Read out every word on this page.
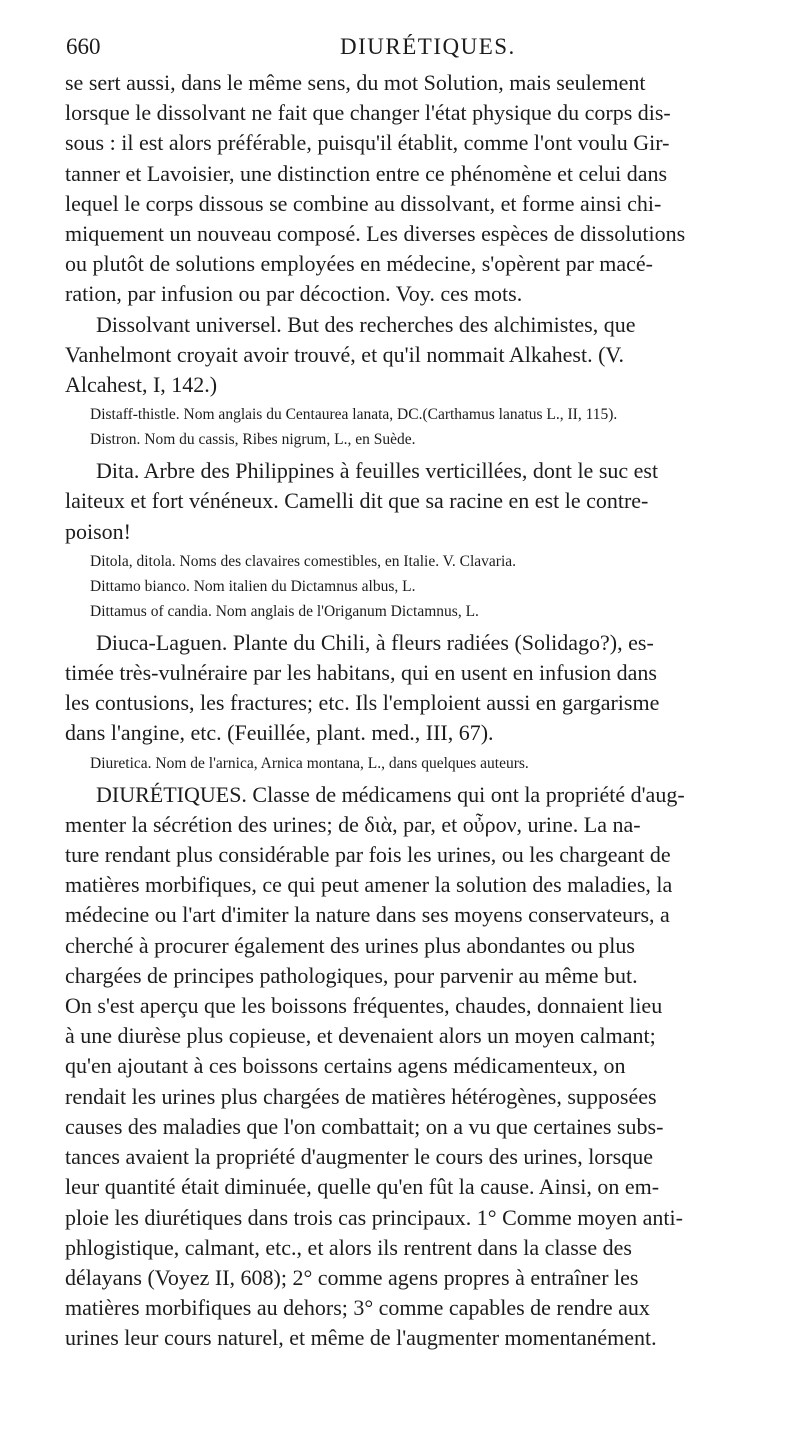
660	DIURÉTIQUES.
se sert aussi, dans le même sens, du mot Solution, mais seulement
lorsque le dissolvant ne fait que changer l'état physique du corps dis-
sous : il est alors préférable, puisqu'il établit, comme l'ont voulu Gir-
tanner et Lavoisier, une distinction entre ce phénomène et celui dans
lequel le corps dissous se combine au dissolvant, et forme ainsi chi-
miquement un nouveau composé. Les diverses espèces de dissolutions
ou plutôt de solutions employées en médecine, s'opèrent par macé-
ration, par infusion ou par décoction. Voy. ces mots.
Dissolvant universel. But des recherches des alchimistes, que
Vanhelmont croyait avoir trouvé, et qu'il nommait Alkahest. (V.
Alcahest, I, 142.)
Distaff-thistle. Nom anglais du Centaurea lanata, DC.(Carthamus lanatus L., II, 115).
Distron. Nom du cassis, Ribes nigrum, L., en Suède.
Dita. Arbre des Philippines à feuilles verticillées, dont le suc est
laiteux et fort vénéneux. Camelli dit que sa racine en est le contre-
poison!
Ditola, ditola. Noms des clavaires comestibles, en Italie. V. Clavaria.
Dittamo bianco. Nom italien du Dictamnus albus, L.
Dittamus of candia. Nom anglais de l'Origanum Dictamnus, L.
Diuca-Laguen. Plante du Chili, à fleurs radiées (Solidago?), es-
timée très-vulnéraire par les habitans, qui en usent en infusion dans
les contusions, les fractures; etc. Ils l'emploient aussi en gargarisme
dans l'angine, etc. (Feuillée, plant. med., III, 67).
Diuretica. Nom de l'arnica, Arnica montana, L., dans quelques auteurs.
DIURÉTIQUES. Classe de médicamens qui ont la propriété d'aug-
menter la sécrétion des urines; de διὰ, par, et οὖρον, urine. La na-
ture rendant plus considérable par fois les urines, ou les chargeant de
matières morbifiques, ce qui peut amener la solution des maladies, la
médecine ou l'art d'imiter la nature dans ses moyens conservateurs, a
cherché à procurer également des urines plus abondantes ou plus
chargées de principes pathologiques, pour parvenir au même but.
On s'est aperçu que les boissons fréquentes, chaudes, donnaient lieu
à une diurèse plus copieuse, et devenaient alors un moyen calmant;
qu'en ajoutant à ces boissons certains agens médicamenteux, on
rendait les urines plus chargées de matières hétérogènes, supposées
causes des maladies que l'on combattait; on a vu que certaines subs-
tances avaient la propriété d'augmenter le cours des urines, lorsque
leur quantité était diminuée, quelle qu'en fût la cause. Ainsi, on em-
ploie les diurétiques dans trois cas principaux. 1° Comme moyen anti-
phlogistique, calmant, etc., et alors ils rentrent dans la classe des
délayans (Voyez II, 608); 2° comme agens propres à entraîner les
matières morbifiques au dehors; 3° comme capables de rendre aux
urines leur cours naturel, et même de l'augmenter momentanément.
